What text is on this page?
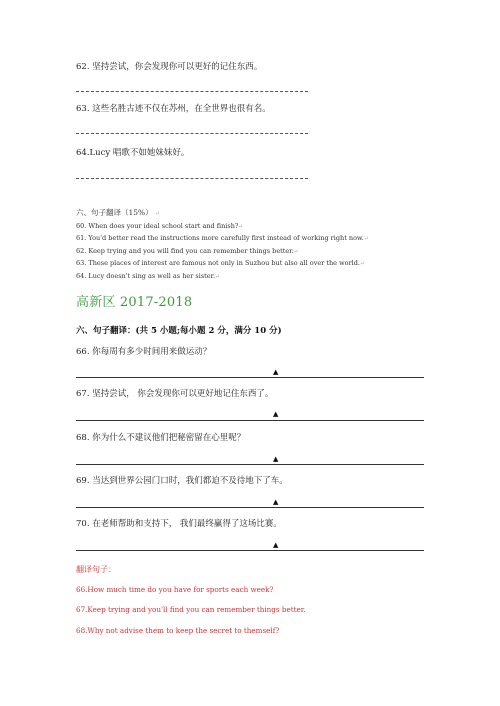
62. 坚持尝试，你会发现你可以更好的记住东西。
63. 这些名胜古迹不仅在苏州，在全世界也很有名。
64.Lucy 唱歌不如她妹妹好。
六、句子翻译（15%） ↵
60. When does your ideal school start and finish?↵
61. You'd better read the instructions more carefully first instead of working right now.↵
62. Keep trying and you will find you can remember things better.↵
63. These places of interest are famous not only in Suzhou but also all over the world.↵
64. Lucy doesn't sing as well as her sister.↵
高新区 2017-2018
六、句子翻译：(共 5 小题;每小题 2 分，满分 10 分)
66. 你每周有多少时间用来做运动？
▲
67. 坚持尝试， 你会发现你可以更好地记住东西了。
▲
68. 你为什么不建议他们把秘密留在心里呢？
▲
69. 当达到世界公园门口时，我们都迫不及待地下了车。
▲
70. 在老师帮助和支持下， 我们最终赢得了这场比赛。
▲
翻译句子：
66.How much time do you have for sports each week?
67.Keep trying and you'll find you can remember things better.
68.Why not advise them to keep the secret to themself?
